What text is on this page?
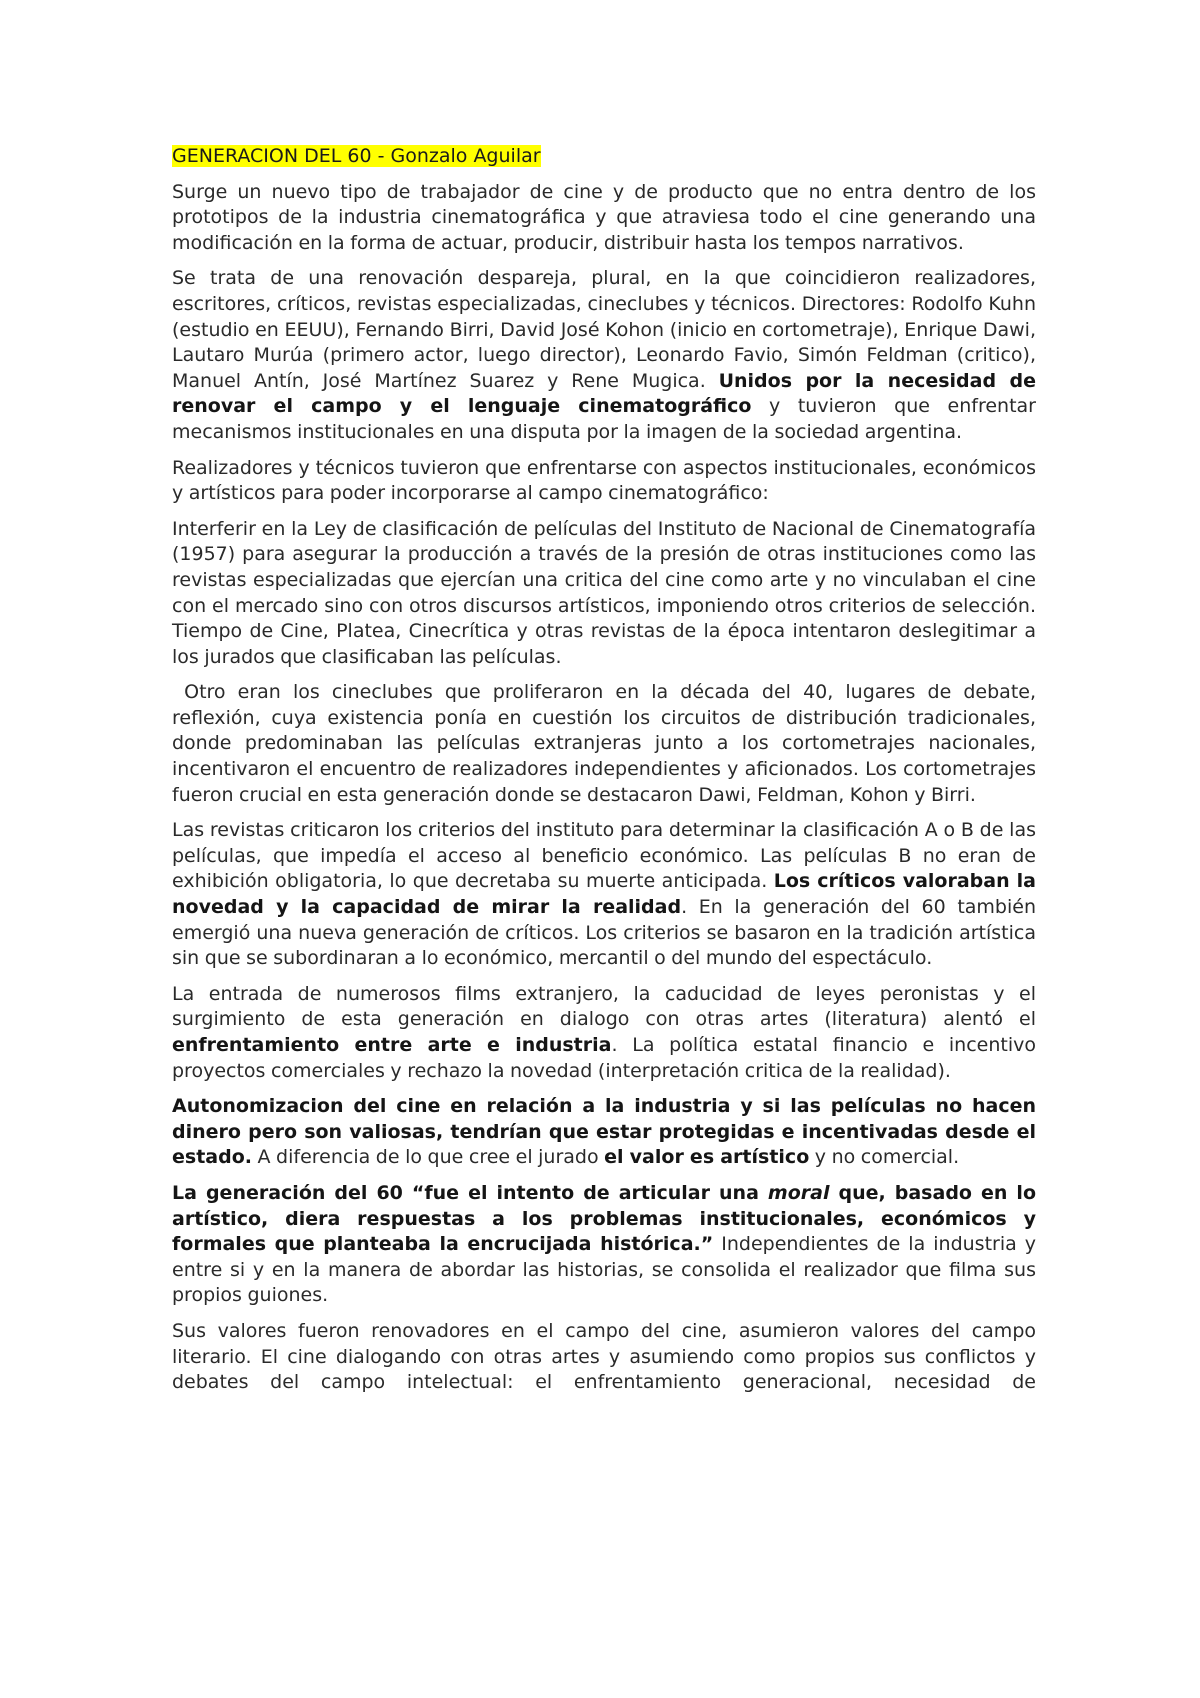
GENERACION DEL 60 - Gonzalo Aguilar

Surge un nuevo tipo de trabajador de cine y de producto que no entra dentro de los prototipos de la industria cinematográfica y que atraviesa todo el cine generando una modificación en la forma de actuar, producir, distribuir hasta los tempos narrativos.

Se trata de una renovación despareja, plural, en la que coincidieron realizadores, escritores, críticos, revistas especializadas, cineclubes y técnicos. Directores: Rodolfo Kuhn (estudio en EEUU), Fernando Birri, David José Kohon (inicio en cortometraje), Enrique Dawi, Lautaro Murúa (primero actor, luego director), Leonardo Favio, Simón Feldman (critico), Manuel Antín, José Martínez Suarez y Rene Mugica. Unidos por la necesidad de renovar el campo y el lenguaje cinematográfico y tuvieron que enfrentar mecanismos institucionales en una disputa por la imagen de la sociedad argentina.

Realizadores y técnicos tuvieron que enfrentarse con aspectos institucionales, económicos y artísticos para poder incorporarse al campo cinematográfico:

Interferir en la Ley de clasificación de películas del Instituto de Nacional de Cinematografía (1957) para asegurar la producción a través de la presión de otras instituciones como las revistas especializadas que ejercían una critica del cine como arte y no vinculaban el cine con el mercado sino con otros discursos artísticos, imponiendo otros criterios de selección. Tiempo de Cine, Platea, Cinecrítica y otras revistas de la época intentaron deslegitimar a los jurados que clasificaban las películas.

Otro eran los cineclubes que proliferaron en la década del 40, lugares de debate, reflexión, cuya existencia ponía en cuestión los circuitos de distribución tradicionales, donde predominaban las películas extranjeras junto a los cortometrajes nacionales, incentivaron el encuentro de realizadores independientes y aficionados. Los cortometrajes fueron crucial en esta generación donde se destacaron Dawi, Feldman, Kohon y Birri.

Las revistas criticaron los criterios del instituto para determinar la clasificación A o B de las películas, que impedía el acceso al beneficio económico. Las películas B no eran de exhibición obligatoria, lo que decretaba su muerte anticipada. Los críticos valoraban la novedad y la capacidad de mirar la realidad. En la generación del 60 también emergió una nueva generación de críticos. Los criterios se basaron en la tradición artística sin que se subordinaran a lo económico, mercantil o del mundo del espectáculo.

La entrada de numerosos films extranjero, la caducidad de leyes peronistas y el surgimiento de esta generación en dialogo con otras artes (literatura) alentó el enfrentamiento entre arte e industria. La política estatal financio e incentivo proyectos comerciales y rechazo la novedad (interpretación critica de la realidad).

Autonomizacion del cine en relación a la industria y si las películas no hacen dinero pero son valiosas, tendrían que estar protegidas e incentivadas desde el estado. A diferencia de lo que cree el jurado el valor es artístico y no comercial.

La generación del 60 “fue el intento de articular una moral que, basado en lo artístico, diera respuestas a los problemas institucionales, económicos y formales que planteaba la encrucijada histórica.” Independientes de la industria y entre si y en la manera de abordar las historias, se consolida el realizador que filma sus propios guiones.

Sus valores fueron renovadores en el campo del cine, asumieron valores del campo literario. El cine dialogando con otras artes y asumiendo como propios sus conflictos y debates del campo intelectual: el enfrentamiento generacional, necesidad de
